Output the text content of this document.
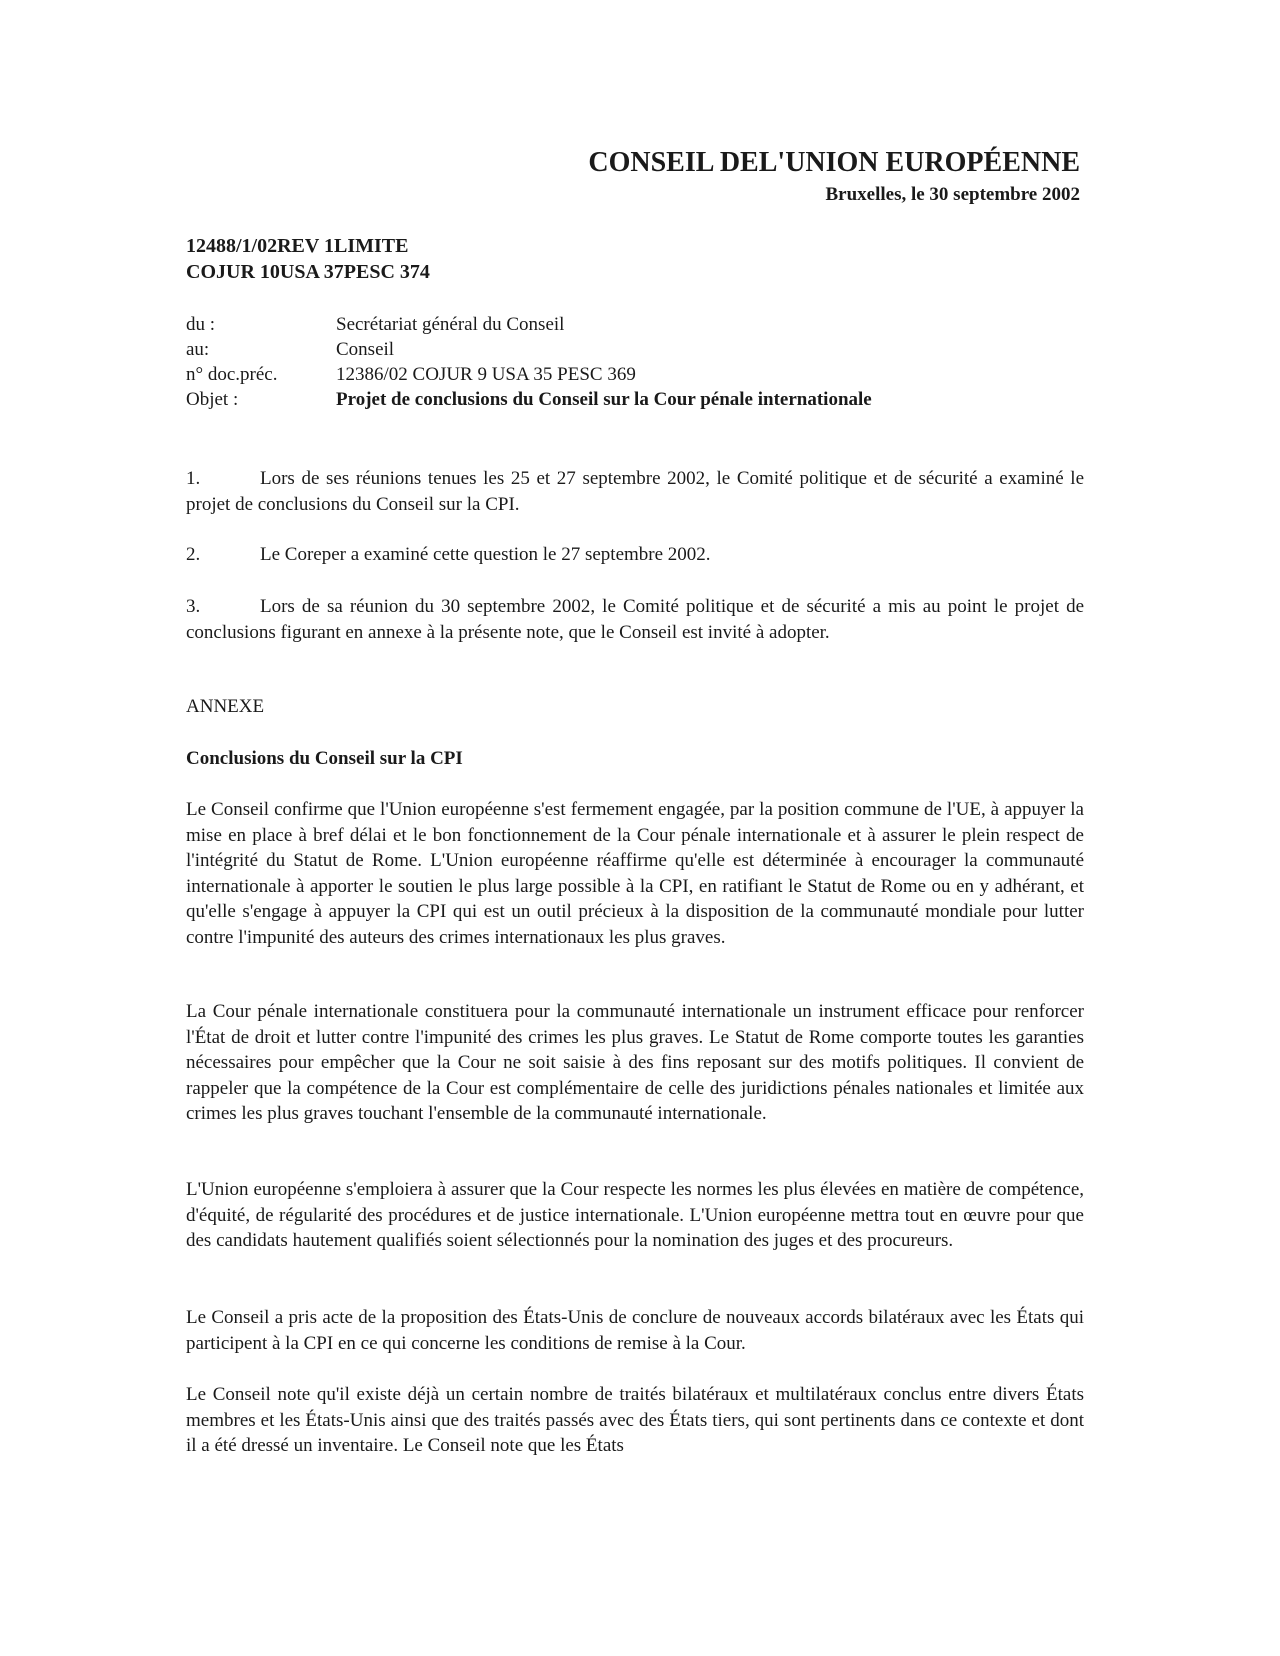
CONSEIL DEL'UNION EUROPÉENNE
Bruxelles, le 30 septembre 2002
12488/1/02REV 1LIMITE
COJUR 10USA 37PESC 374
du :	Secrétariat général du Conseil
au:	Conseil
n° doc.préc.	12386/02 COJUR 9 USA 35 PESC 369
Objet :	Projet de conclusions du Conseil sur la Cour pénale internationale
1.	Lors de ses réunions tenues les 25 et 27 septembre 2002, le Comité politique et de sécurité a examiné le projet de conclusions du Conseil sur la CPI.
2.	Le Coreper a examiné cette question le 27 septembre 2002.
3.	Lors de sa réunion du 30 septembre 2002, le Comité politique et de sécurité a mis au point le projet de conclusions figurant en annexe à la présente note, que le Conseil est invité à adopter.
ANNEXE
Conclusions du Conseil sur la CPI
Le Conseil confirme que l'Union européenne s'est fermement engagée, par la position commune de l'UE, à appuyer la mise en place à bref délai et le bon fonctionnement de la Cour pénale internationale et à assurer le plein respect de l'intégrité du Statut de Rome. L'Union européenne réaffirme qu'elle est déterminée à encourager la communauté internationale à apporter le soutien le plus large possible à la CPI, en ratifiant le Statut de Rome ou en y adhérant, et qu'elle s'engage à appuyer la CPI qui est un outil précieux à la disposition de la communauté mondiale pour lutter contre l'impunité des auteurs des crimes internationaux les plus graves.
La Cour pénale internationale constituera pour la communauté internationale un instrument efficace pour renforcer l'État de droit et lutter contre l'impunité des crimes les plus graves. Le Statut de Rome comporte toutes les garanties nécessaires pour empêcher que la Cour ne soit saisie à des fins reposant sur des motifs politiques. Il convient de rappeler que la compétence de la Cour est complémentaire de celle des juridictions pénales nationales et limitée aux crimes les plus graves touchant l'ensemble de la communauté internationale.
L'Union européenne s'emploiera à assurer que la Cour respecte les normes les plus élevées en matière de compétence, d'équité, de régularité des procédures et de justice internationale. L'Union européenne mettra tout en œuvre pour que des candidats hautement qualifiés soient sélectionnés pour la nomination des juges et des procureurs.
Le Conseil a pris acte de la proposition des États-Unis de conclure de nouveaux accords bilatéraux avec les États qui participent à la CPI en ce qui concerne les conditions de remise à la Cour.
Le Conseil note qu'il existe déjà un certain nombre de traités bilatéraux et multilatéraux conclus entre divers États membres et les États-Unis ainsi que des traités passés avec des États tiers, qui sont pertinents dans ce contexte et dont il a été dressé un inventaire. Le Conseil note que les États
